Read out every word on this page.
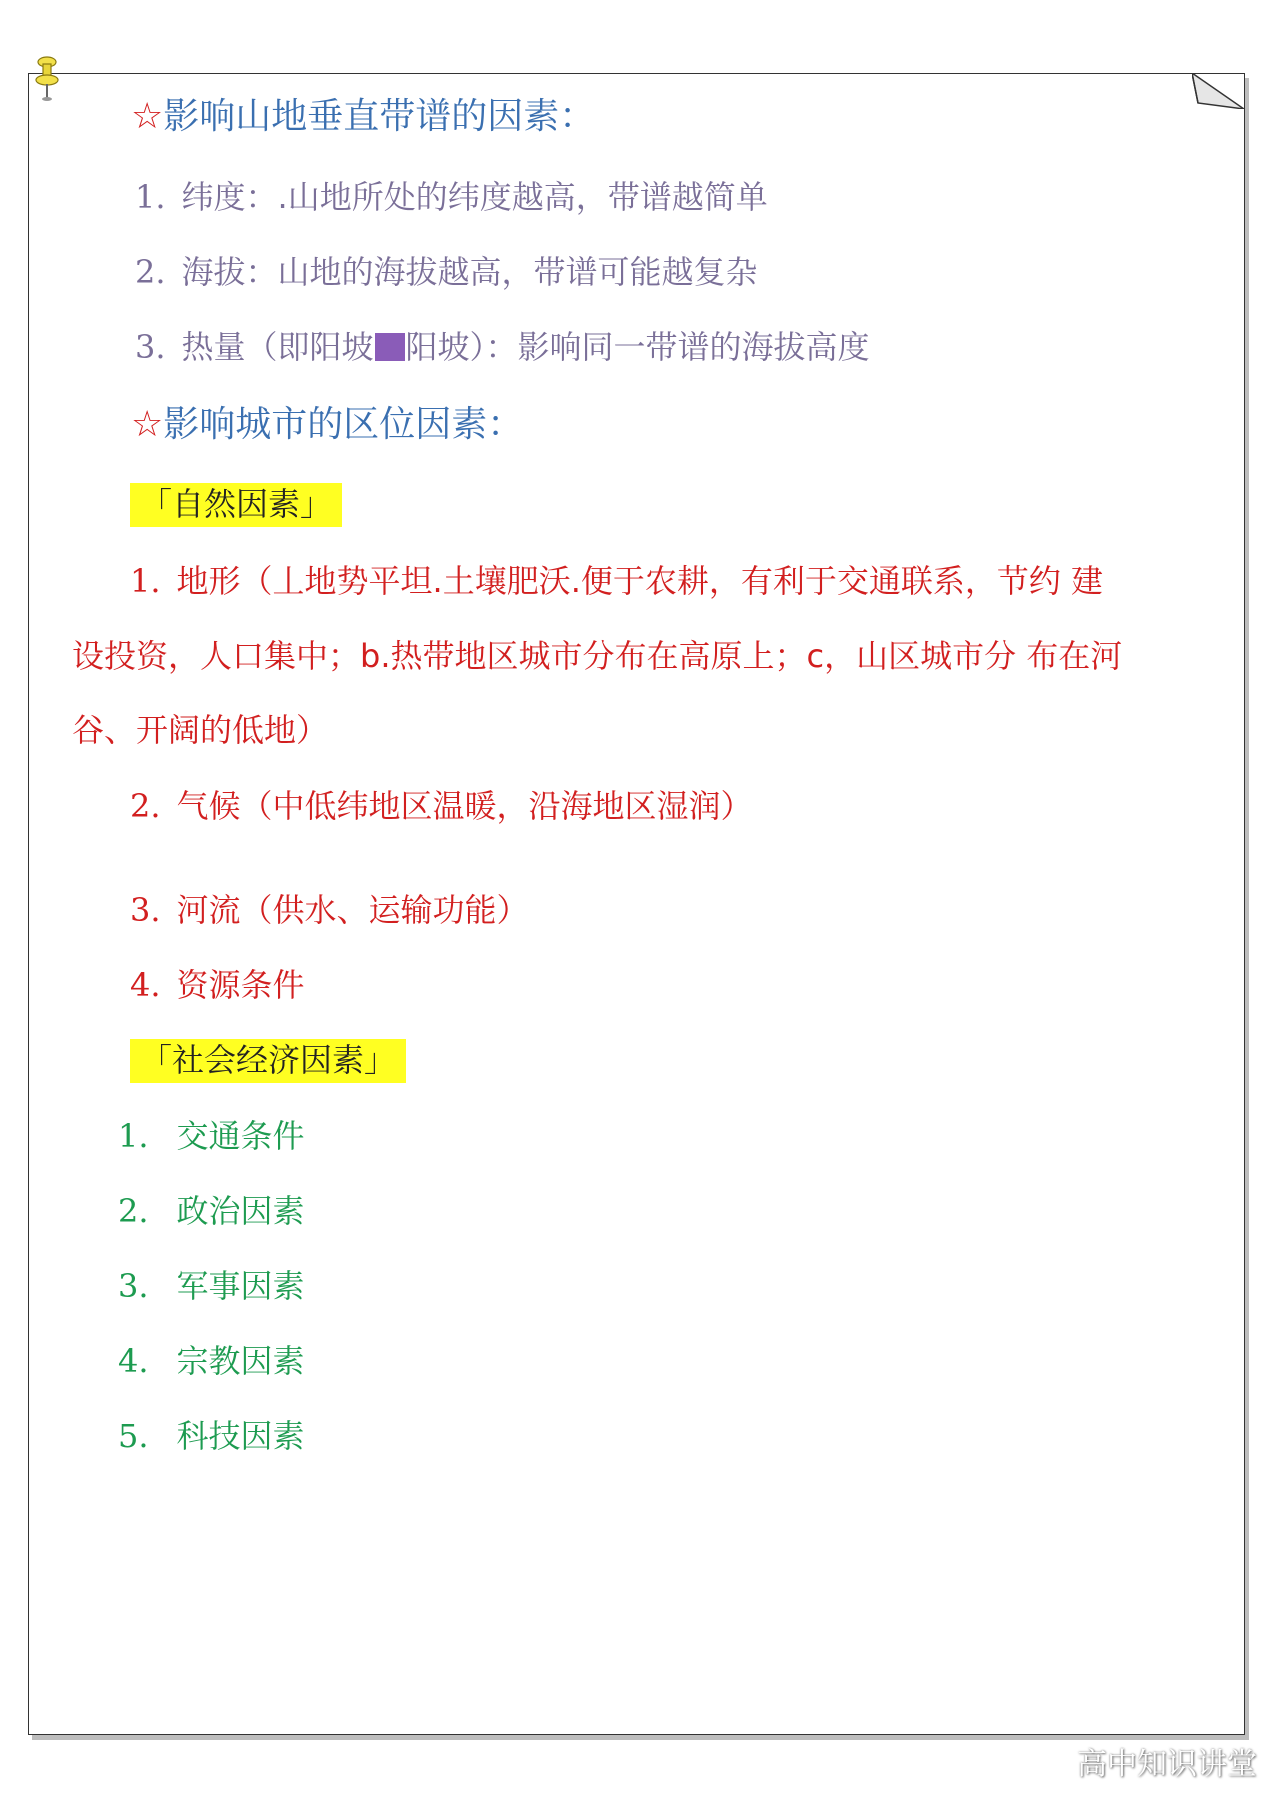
☆影响山地垂直带谱的因素：
1. 纬度：.山地所处的纬度越高，带谱越简单
2. 海拔：山地的海拔越高，带谱可能越复杂
3. 热量（即阳坡 阳坡）：影响同一带谱的海拔高度
☆影响城市的区位因素：
「自然因素」
1. 地形（丄地势平坦.土壤肥沃.便于农耕，有利于交通联系，节约 建
设投资，人口集中；b.热带地区城市分布在高原上；c，山区城市分 布在河
谷、开阔的低地）
2. 气候（中低纬地区温暖，沿海地区湿润）
3. 河流（供水、运输功能）
4. 资源条件
「社会经济因素」
1. 交通条件
2. 政治因素
3. 军事因素
4. 宗教因素
5. 科技因素
高中知识讲堂
